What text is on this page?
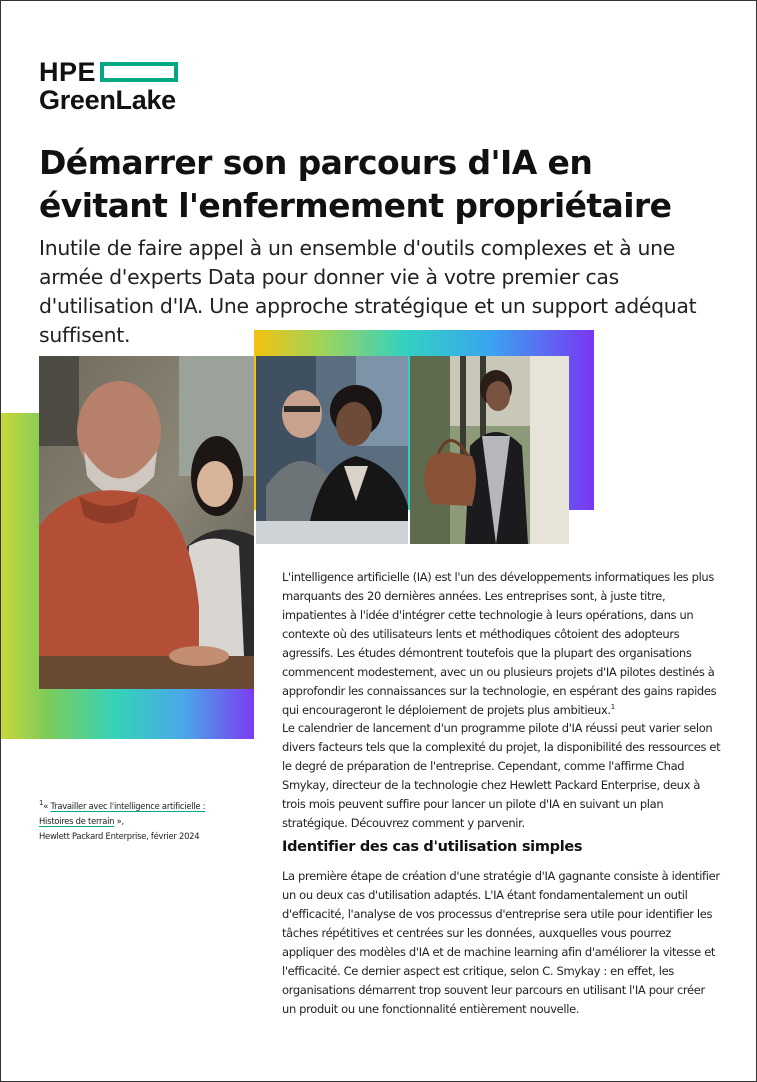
HPE
GreenLake
Démarrer son parcours d'IA en évitant l'enfermement propriétaire

Inutile de faire appel à un ensemble d'outils complexes et à une armée d'experts Data pour donner vie à votre premier cas d'utilisation d'IA. Une approche stratégique et un support adéquat suffisent.

L'intelligence artificielle (IA) est l'un des développements informatiques les plus marquants des 20 dernières années. Les entreprises sont, à juste titre, impatientes à l'idée d'intégrer cette technologie à leurs opérations, dans un contexte où des utilisateurs lents et méthodiques côtoient des adopteurs agressifs. Les études démontrent toutefois que la plupart des organisations commencent modestement, avec un ou plusieurs projets d'IA pilotes destinés à approfondir les connaissances sur la technologie, en espérant des gains rapides qui encourageront le déploiement de projets plus ambitieux.$^1$

Le calendrier de lancement d'un programme pilote d'IA réussi peut varier selon divers facteurs tels que la complexité du projet, la disponibilité des ressources et le degré de préparation de l'entreprise. Cependant, comme l'affirme Chad Smykay, directeur de la technologie chez Hewlett Packard Enterprise, deux à trois mois peuvent suffire pour lancer un pilote d'IA en suivant un plan stratégique. Découvrez comment y parvenir.

Identifier des cas d'utilisation simples

La première étape de création d'une stratégie d'IA gagnante consiste à identifier un ou deux cas d'utilisation adaptés. L'IA étant fondamentalement un outil d'efficacité, l'analyse de vos processus d'entreprise sera utile pour identifier les tâches répétitives et centrées sur les données, auxquelles vous pourrez appliquer des modèles d'IA et de machine learning afin d'améliorer la vitesse et l'efficacité. Ce dernier aspect est critique, selon C. Smykay : en effet, les organisations démarrent trop souvent leur parcours en utilisant l'IA pour créer un produit ou une fonctionnalité entièrement nouvelle.

$^1$« Travailler avec l'intelligence artificielle : Histoires de terrain »,
Hewlett Packard Enterprise, février 2024
